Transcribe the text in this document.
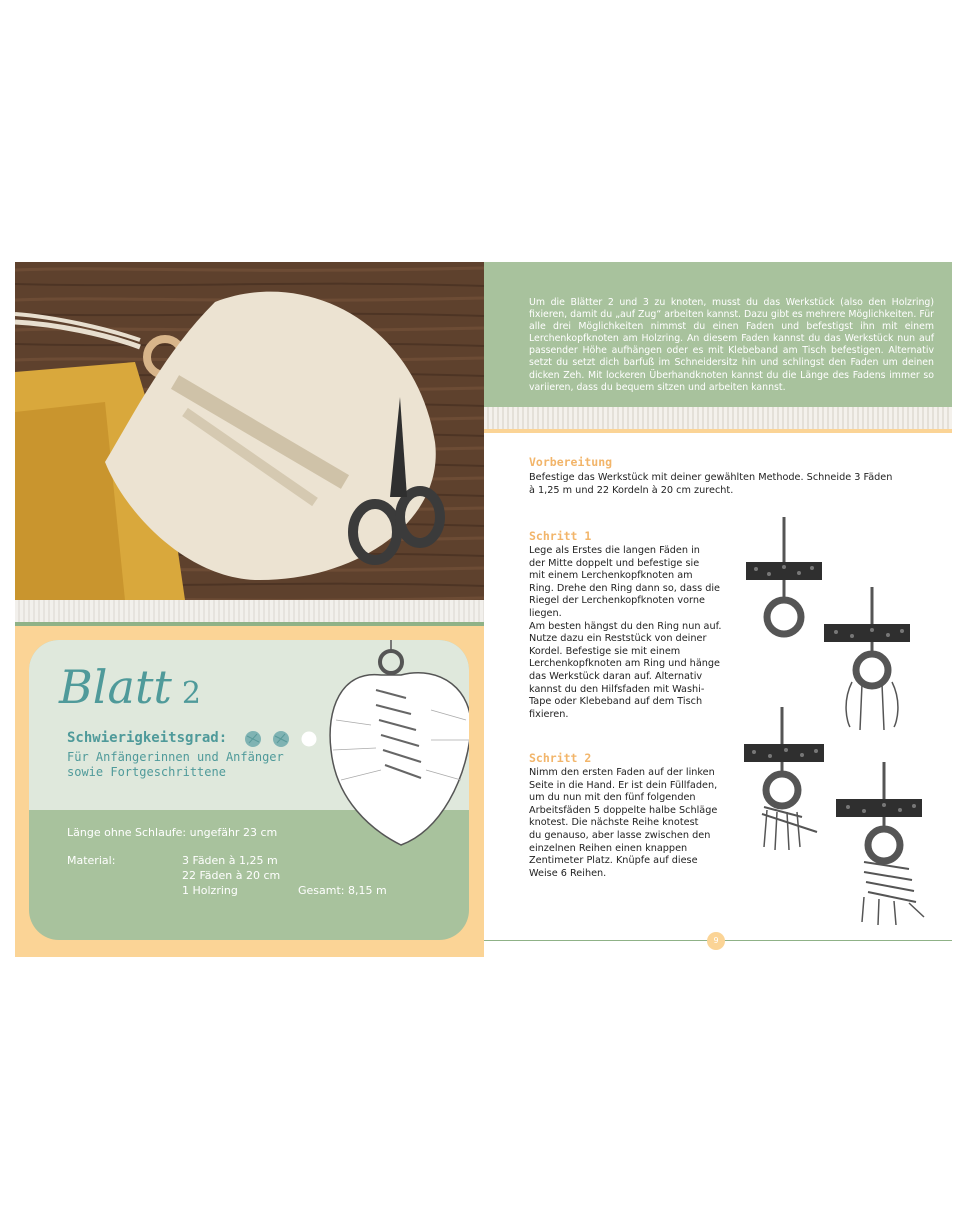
Blatt 2
Schwierigkeitsgrad:
Für Anfängerinnen und Anfänger sowie Fortgeschrittene
Länge ohne Schlaufe: ungefähr 23 cm
Material:	3 Fäden à 1,25 m
22 Fäden à 20 cm
1 Holzring	Gesamt: 8,15 m
Um die Blätter 2 und 3 zu knoten, musst du das Werkstück (also den Holzring) fixieren, damit du „auf Zug“ arbeiten kannst. Dazu gibt es mehrere Möglichkeiten. Für alle drei Möglichkeiten nimmst du einen Faden und befestigst ihn mit einem Lerchenkopfknoten am Holzring. An diesem Faden kannst du das Werkstück nun auf passender Höhe aufhängen oder es mit Klebeband am Tisch befestigen. Alternativ setzt du setzt dich barfuß im Schneidersitz hin und schlingst den Faden um deinen dicken Zeh. Mit lockeren Überhandknoten kannst du die Länge des Fadens immer so variieren, dass du bequem sitzen und arbeiten kannst.
Vorbereitung
Befestige das Werkstück mit deiner gewählten Methode. Schneide 3 Fäden
à 1,25 m und 22 Kordeln à 20 cm zurecht.
Schritt 1
Lege als Erstes die langen Fäden in
der Mitte doppelt und befestige sie
mit einem Lerchenkopfknoten am
Ring. Drehe den Ring dann so, dass die
Riegel der Lerchenkopfknoten vorne
liegen.
Am besten hängst du den Ring nun auf.
Nutze dazu ein Reststück von deiner
Kordel. Befestige sie mit einem
Lerchenkopfknoten am Ring und hänge
das Werkstück daran auf. Alternativ
kannst du den Hilfsfaden mit Washi-
Tape oder Klebeband auf dem Tisch
fixieren.
Schritt 2
Nimm den ersten Faden auf der linken
Seite in die Hand. Er ist dein Füllfaden,
um du nun mit den fünf folgenden
Arbeitsfäden 5 doppelte halbe Schläge
knotest. Die nächste Reihe knotest
du genauso, aber lasse zwischen den
einzelnen Reihen einen knappen
Zentimeter Platz. Knüpfe auf diese
Weise 6 Reihen.
9
